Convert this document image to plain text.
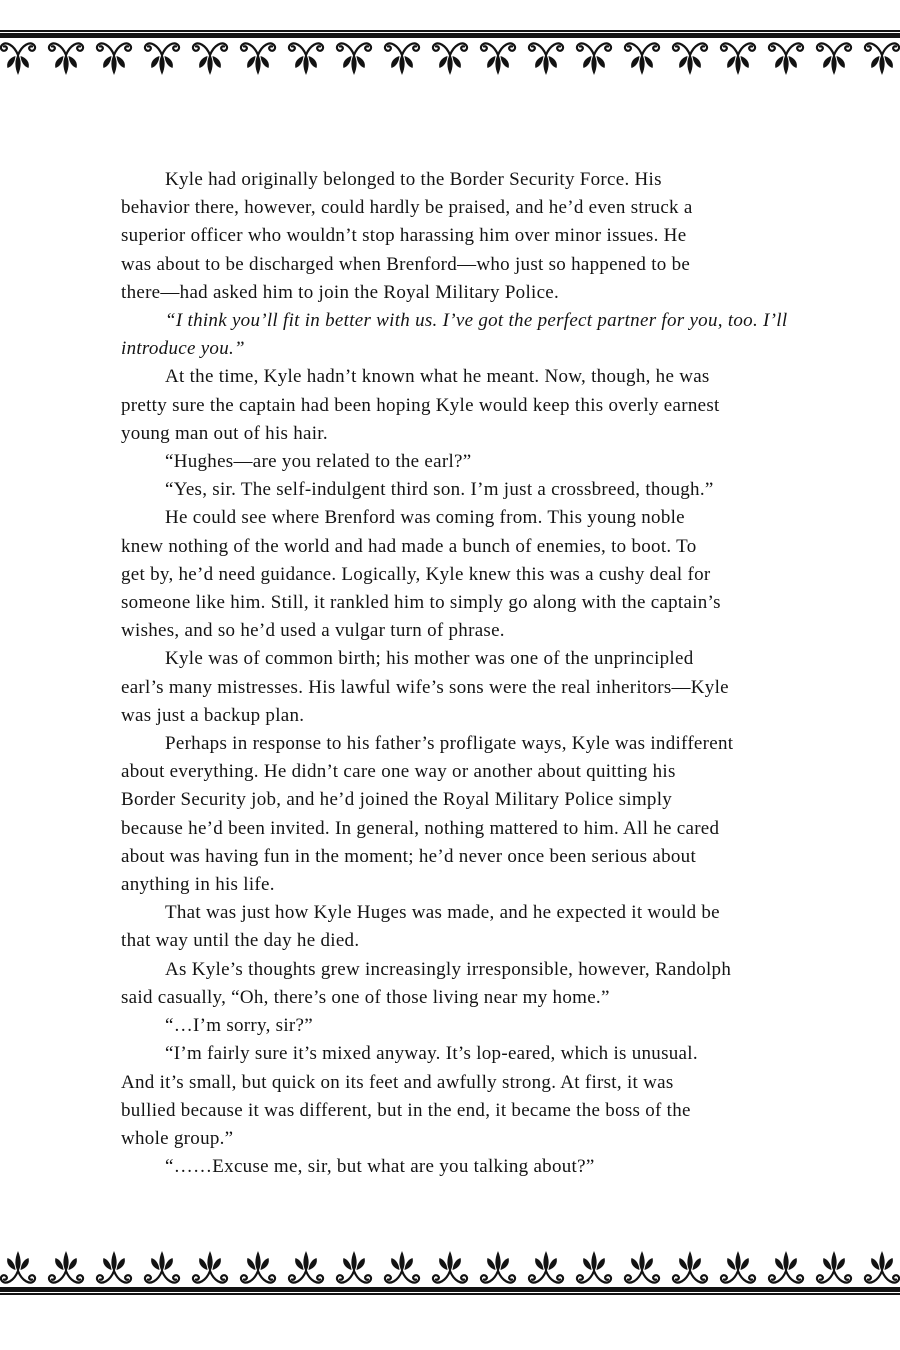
Kyle had originally belonged to the Border Security Force. His
behavior there, however, could hardly be praised, and he’d even struck a
superior officer who wouldn’t stop harassing him over minor issues. He
was about to be discharged when Brenford—who just so happened to be
there—had asked him to join the Royal Military Police.
“I think you’ll fit in better with us. I’ve got the perfect partner for you, too. I’ll
introduce you.”
At the time, Kyle hadn’t known what he meant. Now, though, he was
pretty sure the captain had been hoping Kyle would keep this overly earnest
young man out of his hair.
“Hughes—are you related to the earl?”
“Yes, sir. The self-indulgent third son. I’m just a crossbreed, though.”
He could see where Brenford was coming from. This young noble
knew nothing of the world and had made a bunch of enemies, to boot. To
get by, he’d need guidance. Logically, Kyle knew this was a cushy deal for
someone like him. Still, it rankled him to simply go along with the captain’s
wishes, and so he’d used a vulgar turn of phrase.
Kyle was of common birth; his mother was one of the unprincipled
earl’s many mistresses. His lawful wife’s sons were the real inheritors—Kyle
was just a backup plan.
Perhaps in response to his father’s profligate ways, Kyle was indifferent
about everything. He didn’t care one way or another about quitting his
Border Security job, and he’d joined the Royal Military Police simply
because he’d been invited. In general, nothing mattered to him. All he cared
about was having fun in the moment; he’d never once been serious about
anything in his life.
That was just how Kyle Huges was made, and he expected it would be
that way until the day he died.
As Kyle’s thoughts grew increasingly irresponsible, however, Randolph
said casually, “Oh, there’s one of those living near my home.”
“…I’m sorry, sir?”
“I’m fairly sure it’s mixed anyway. It’s lop-eared, which is unusual.
And it’s small, but quick on its feet and awfully strong. At first, it was
bullied because it was different, but in the end, it became the boss of the
whole group.”
“……Excuse me, sir, but what are you talking about?”
